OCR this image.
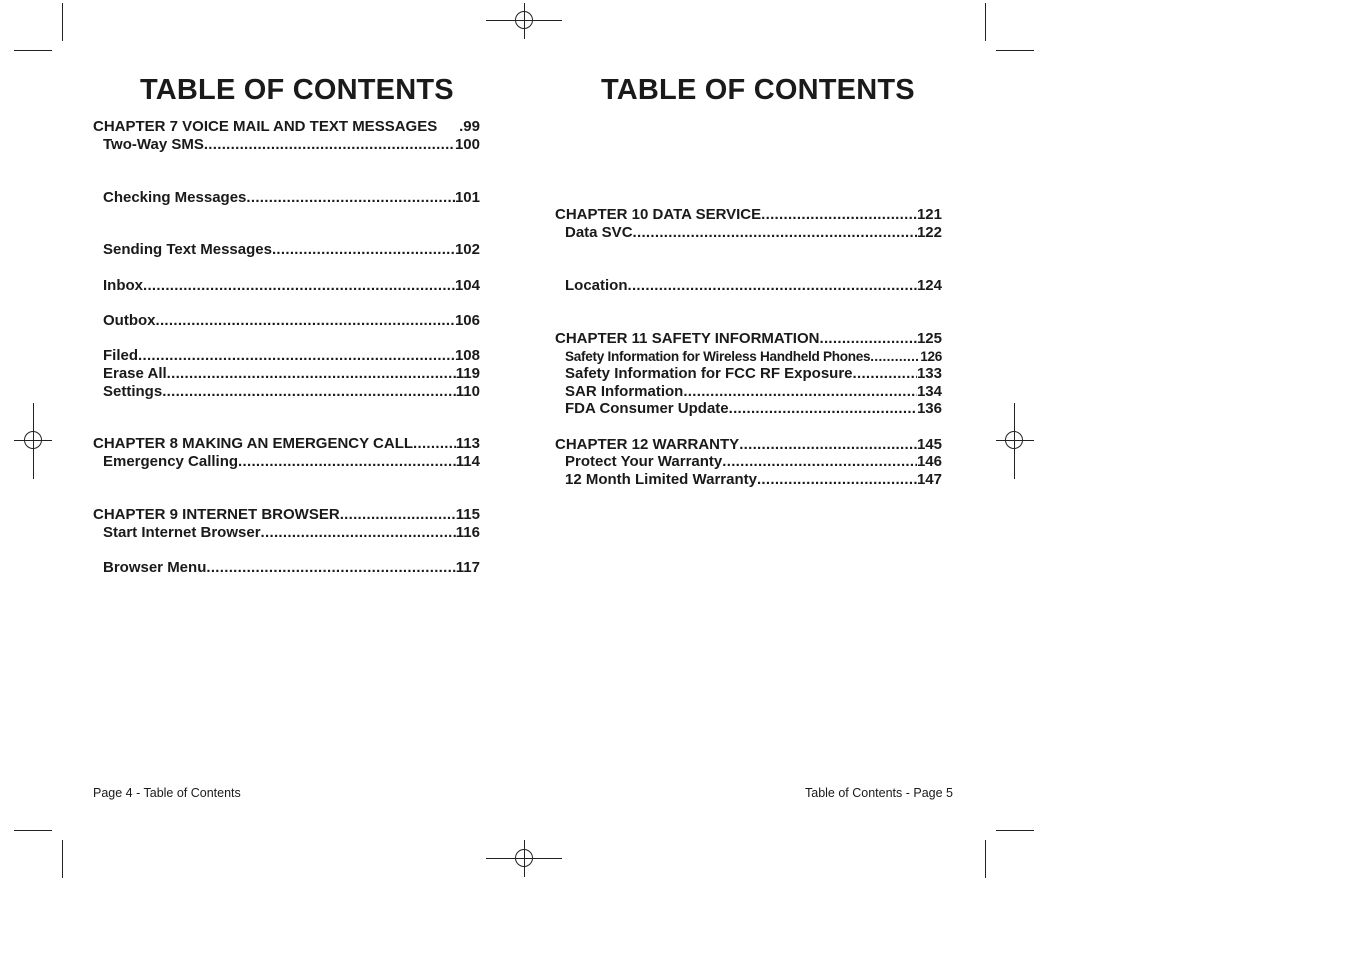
TABLE OF CONTENTS
CHAPTER 7 VOICE MAIL AND TEXT MESSAGES .99
Two-Way SMS .....	100
Checking Messages .....	101
Sending Text Messages .....	102
Inbox .....	104
Outbox .....	106
Filed .....	108
Erase All .....	119
Settings .....	110
CHAPTER 8 MAKING AN EMERGENCY CALL .....	113
Emergency Calling .....	114
CHAPTER 9 INTERNET BROWSER .....	115
Start Internet Browser .....	116
Browser Menu .....	117
Page 4 - Table of Contents
TABLE OF CONTENTS
CHAPTER 10 DATA SERVICE .....	121
Data SVC .....	122
Location .....	124
CHAPTER 11 SAFETY INFORMATION .....	125
Safety Information for Wireless Handheld Phones .....	126
Safety Information for FCC RF Exposure .....	133
SAR Information .....	134
FDA Consumer Update .....	136
CHAPTER 12 WARRANTY .....	145
Protect Your Warranty .....	146
12 Month Limited Warranty .....	147
Table of Contents - Page 5
